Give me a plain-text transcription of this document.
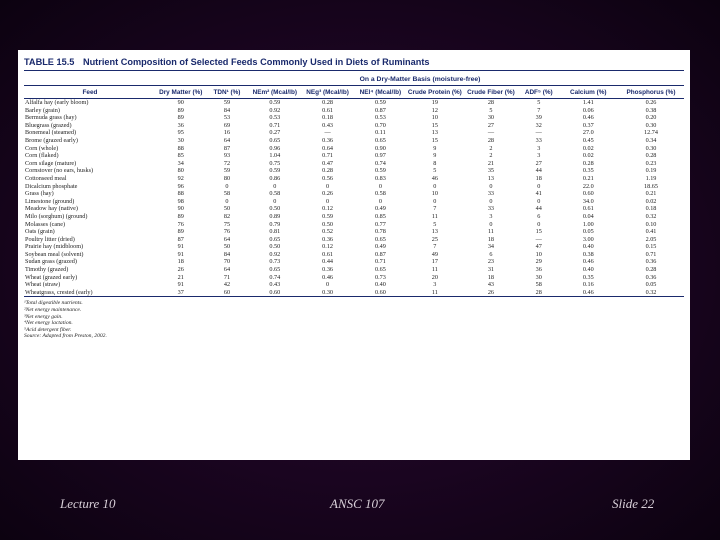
TABLE 15.5 Nutrient Composition of Selected Feeds Commonly Used in Diets of Ruminants
	On a Dry-Matter Basis (moisture-free)									
Feed	Dry Matter (%)	TDN¹ (%)	NEm² (Mcal/lb)	NEg³ (Mcal/lb)	NEl⁴ (Mcal/lb)	Crude Protein (%)	Crude Fiber (%)	ADF⁵ (%)	Calcium (%)	Phosphorus (%)
Alfalfa hay (early bloom)	90	59	0.59	0.28	0.59	19	28	5	1.41	0.26
Barley (grain)	89	84	0.92	0.61	0.87	12	5	7	0.06	0.38
Bermuda grass (hay)	89	53	0.53	0.18	0.53	10	30	39	0.46	0.20
Bluegrass (grazed)	36	69	0.71	0.43	0.70	15	27	32	0.37	0.30
Bonemeal (steamed)	95	16	0.27	—	0.11	13	—	—	27.0	12.74
Brome (grazed early)	30	64	0.65	0.36	0.65	15	28	33	0.45	0.34
Corn (whole)	88	87	0.96	0.64	0.90	9	2	3	0.02	0.30
Corn (flaked)	85	93	1.04	0.71	0.97	9	2	3	0.02	0.28
Corn silage (mature)	34	72	0.75	0.47	0.74	8	21	27	0.28	0.23
Cornstover (no ears, husks)	80	59	0.59	0.28	0.59	5	35	44	0.35	0.19
Cottonseed meal	92	80	0.86	0.56	0.83	46	13	18	0.21	1.19
Dicalcium phosphate	96	0	0	0	0	0	0	0	22.0	18.65
Grass (hay)	88	58	0.58	0.26	0.58	10	33	41	0.60	0.21
Limestone (ground)	98	0	0	0	0	0	0	0	34.0	0.02
Meadow hay (native)	90	50	0.50	0.12	0.49	7	33	44	0.61	0.18
Milo (sorghum) (ground)	89	82	0.89	0.59	0.85	11	3	6	0.04	0.32
Molasses (cane)	76	75	0.79	0.50	0.77	5	0	0	1.00	0.10
Oats (grain)	89	76	0.81	0.52	0.78	13	11	15	0.05	0.41
Poultry litter (dried)	87	64	0.65	0.36	0.65	25	18	—	3.00	2.05
Prairie hay (midbloom)	91	50	0.50	0.12	0.49	7	34	47	0.40	0.15
Soybean meal (solvent)	91	84	0.92	0.61	0.87	49	6	10	0.38	0.71
Sudan grass (grazed)	18	70	0.73	0.44	0.71	17	23	29	0.46	0.36
Timothy (grazed)	26	64	0.65	0.36	0.65	11	31	36	0.40	0.28
Wheat (grazed early)	21	71	0.74	0.46	0.73	20	18	30	0.35	0.36
Wheat (straw)	91	42	0.43	0	0.40	3	43	58	0.16	0.05
Wheatgrass, crested (early)	37	60	0.60	0.30	0.60	11	26	28	0.46	0.32
¹Total digestible nutrients.
²Net energy maintenance.
³Net energy gain.
⁴Net energy lactation.
⁵Acid detergent fiber.
Source: Adapted from Preston, 2002.
Lecture 10	ANSC 107	Slide 22
